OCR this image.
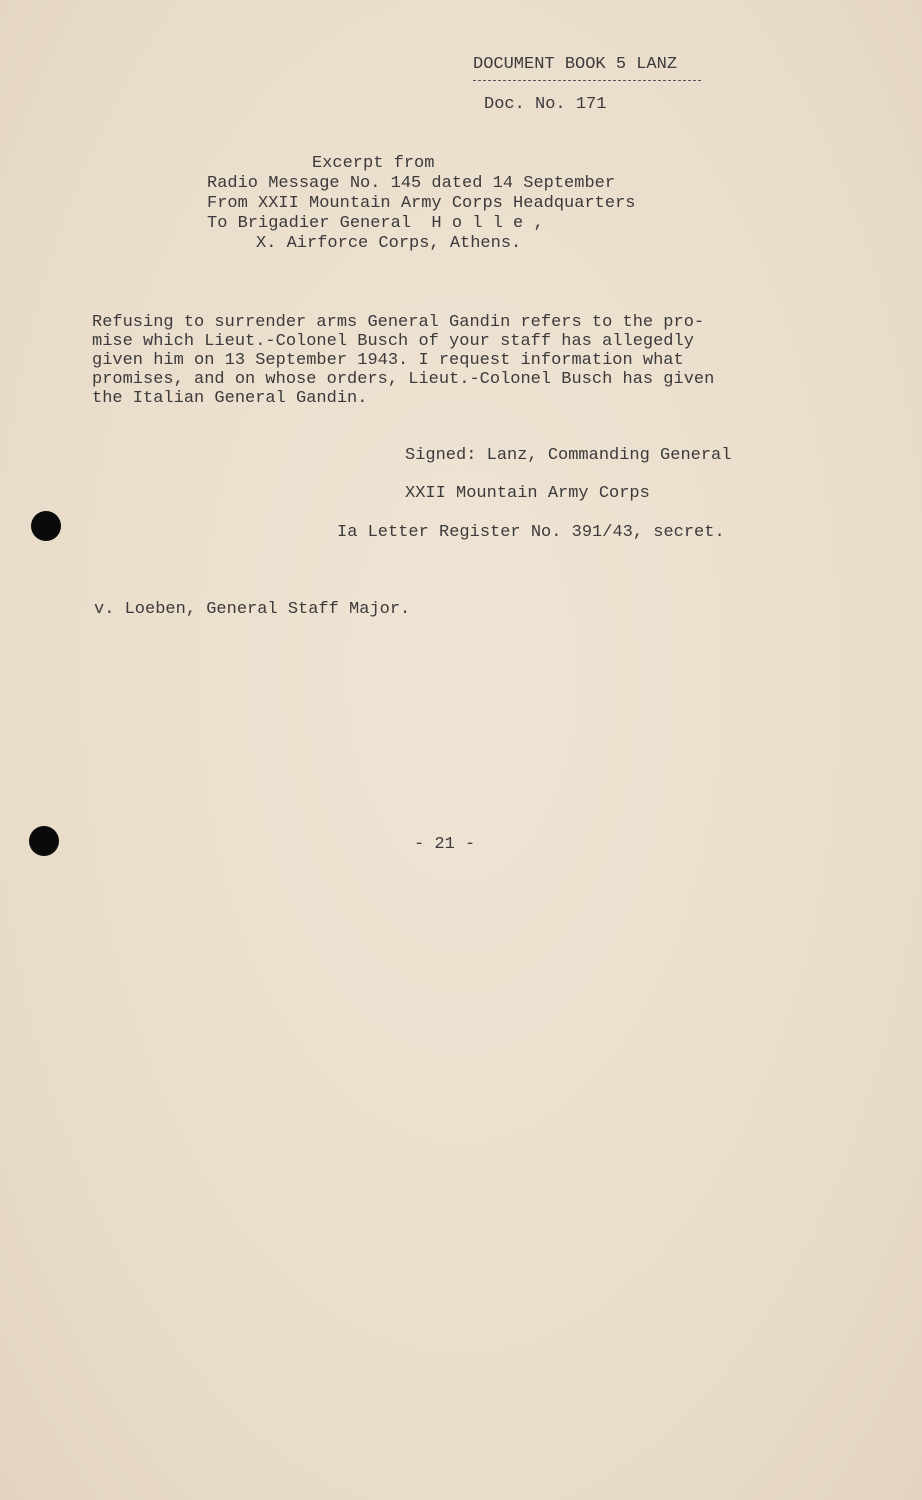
DOCUMENT BOOK 5 LANZ
Doc. No. 171
Excerpt from
Radio Message No. 145 dated 14 September
From XXII Mountain Army Corps Headquarters
To Brigadier General  H o l l e ,
X. Airforce Corps, Athens.
Refusing to surrender arms General Gandin refers to the pro-
mise which Lieut.-Colonel Busch of your staff has allegedly
given him on 13 September 1943. I request information what
promises, and on whose orders, Lieut.-Colonel Busch has given
the Italian General Gandin.
Signed: Lanz, Commanding General
XXII Mountain Army Corps
Ia Letter Register No. 391/43, secret.
v. Loeben, General Staff Major.
- 21 -
